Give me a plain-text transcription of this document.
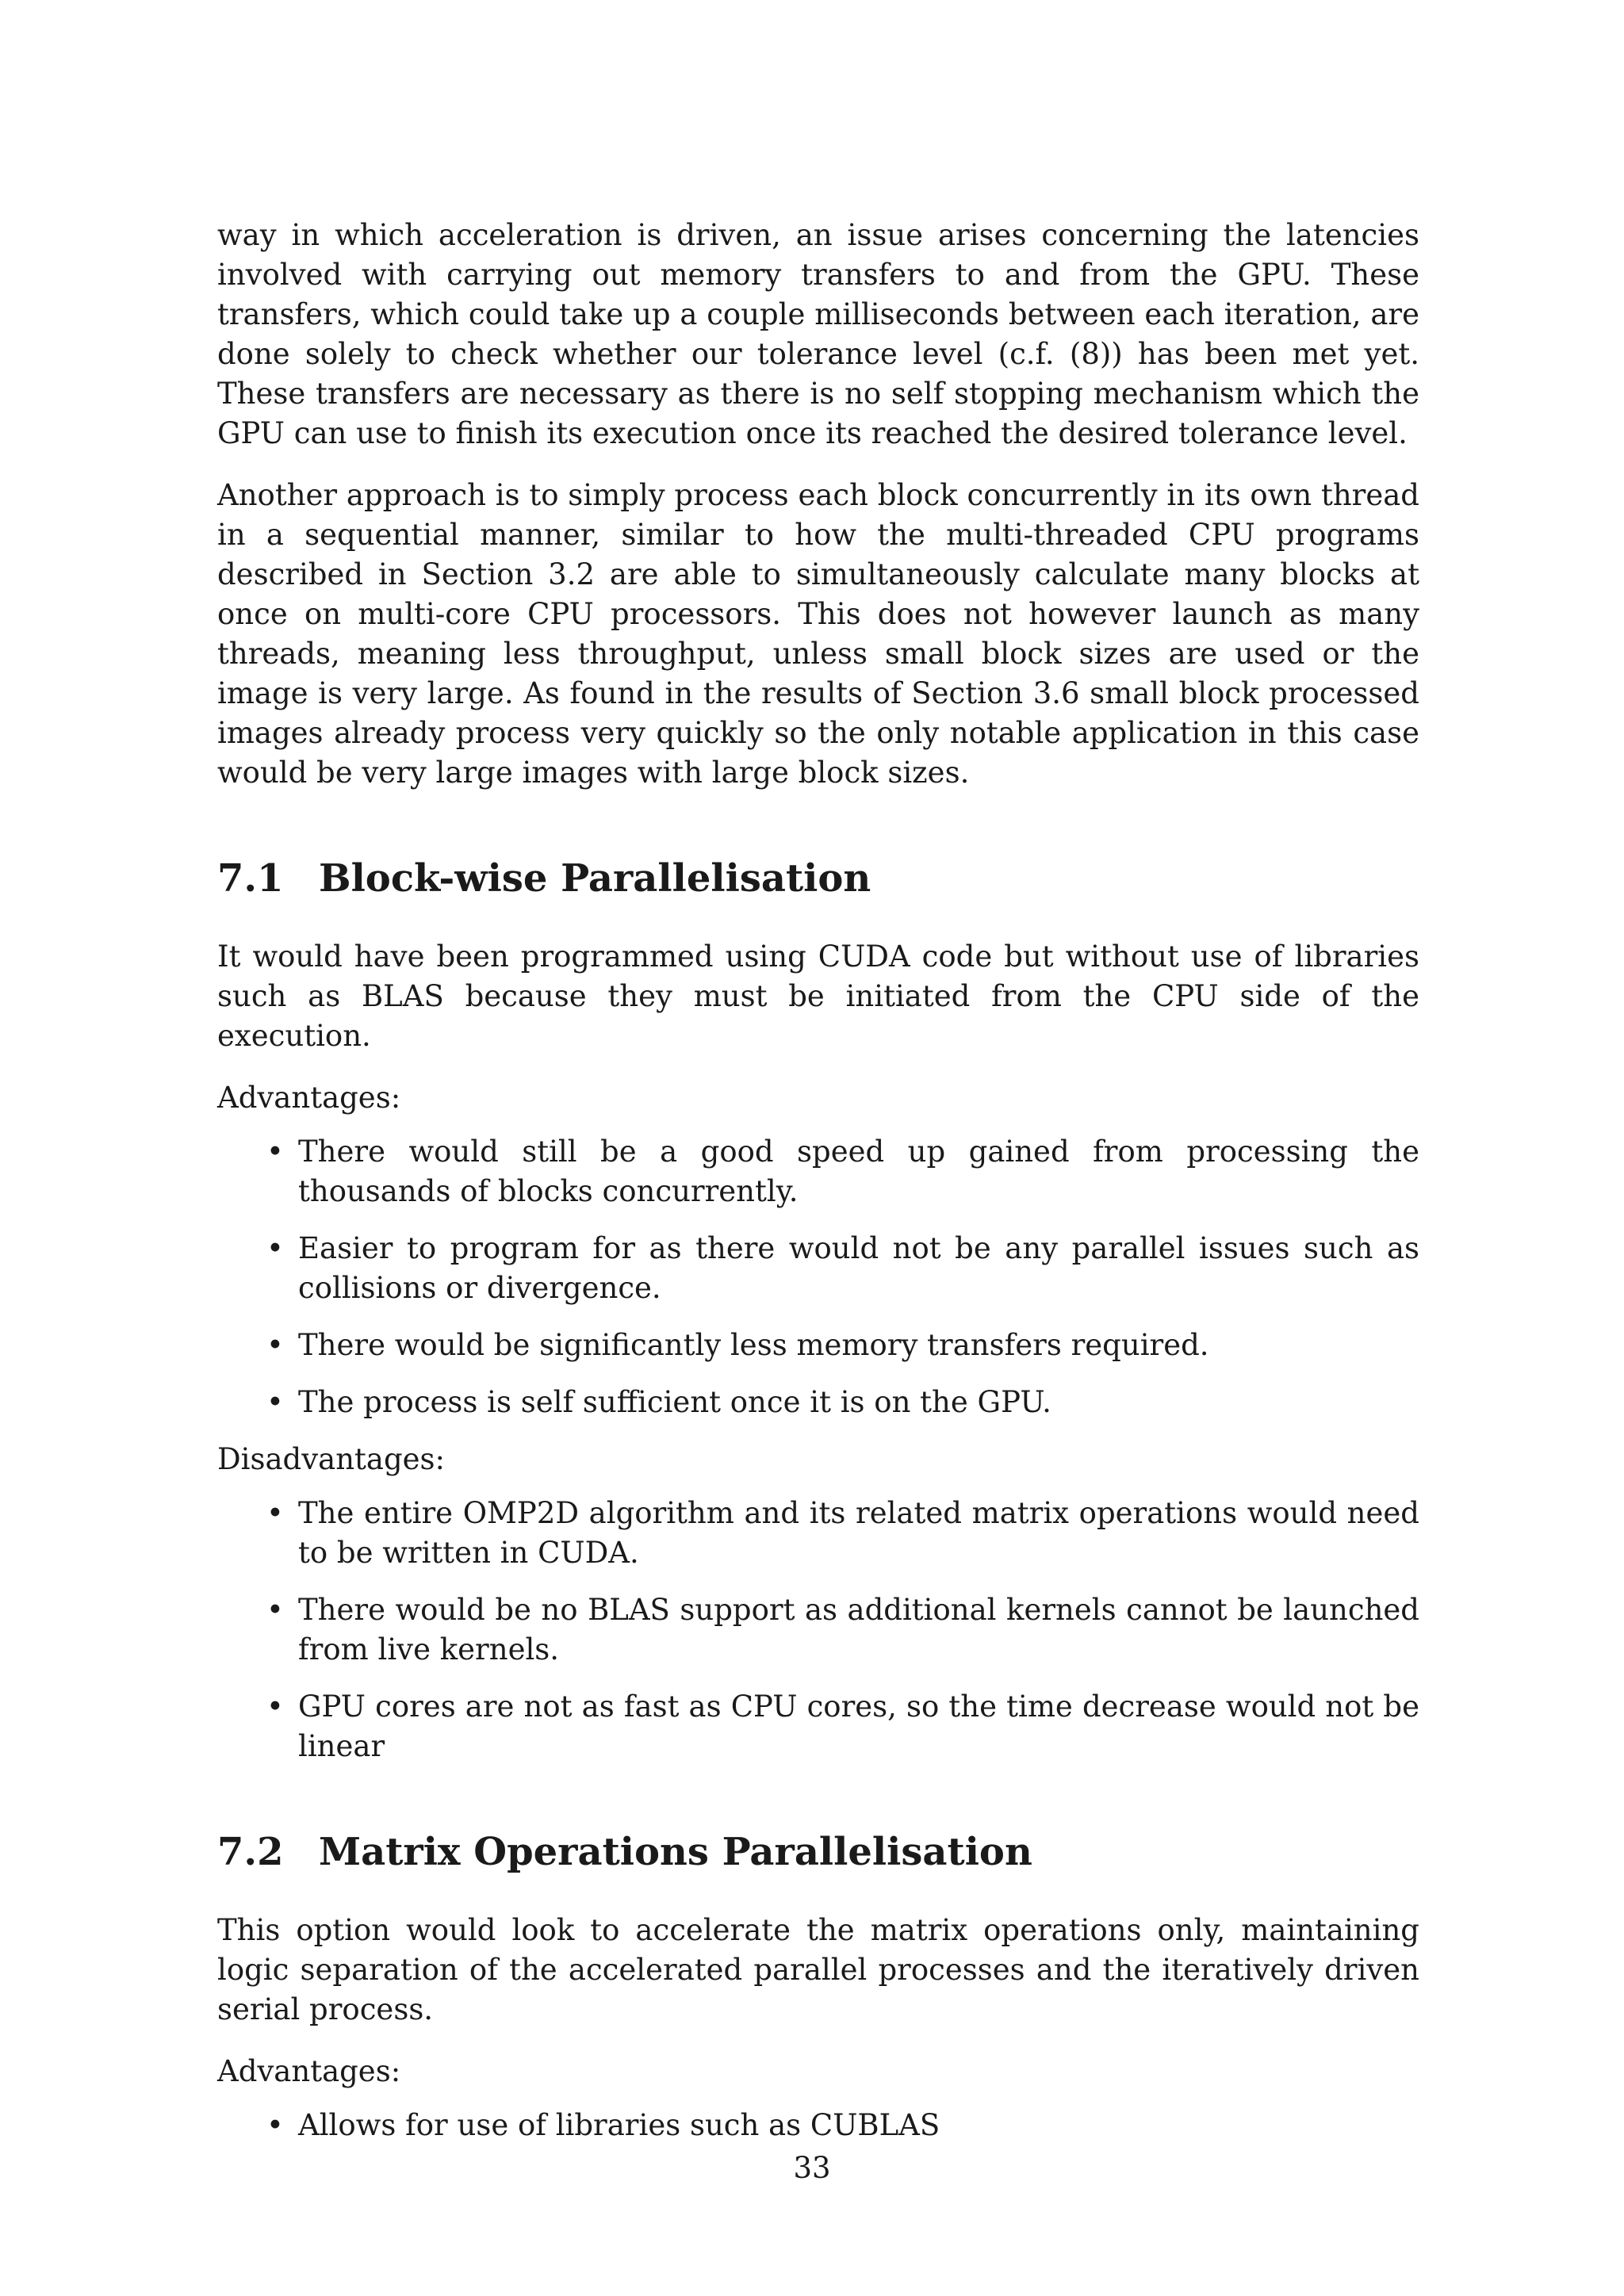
way in which acceleration is driven, an issue arises concerning the latencies involved with carrying out memory transfers to and from the GPU. These transfers, which could take up a couple milliseconds between each iteration, are done solely to check whether our tolerance level (c.f. (8)) has been met yet. These transfers are necessary as there is no self stopping mechanism which the GPU can use to finish its execution once its reached the desired tolerance level.

Another approach is to simply process each block concurrently in its own thread in a sequential manner, similar to how the multi-threaded CPU programs described in Section 3.2 are able to simultaneously calculate many blocks at once on multi-core CPU processors. This does not however launch as many threads, meaning less throughput, unless small block sizes are used or the image is very large. As found in the results of Section 3.6 small block processed images already process very quickly so the only notable application in this case would be very large images with large block sizes.

7.1 Block-wise Parallelisation

It would have been programmed using CUDA code but without use of libraries such as BLAS because they must be initiated from the CPU side of the execution.

Advantages:

• There would still be a good speed up gained from processing the thousands of blocks concurrently.
• Easier to program for as there would not be any parallel issues such as collisions or divergence.
• There would be significantly less memory transfers required.
• The process is self sufficient once it is on the GPU.

Disadvantages:

• The entire OMP2D algorithm and its related matrix operations would need to be written in CUDA.
• There would be no BLAS support as additional kernels cannot be launched from live kernels.
• GPU cores are not as fast as CPU cores, so the time decrease would not be linear
7.2 Matrix Operations Parallelisation

This option would look to accelerate the matrix operations only, maintaining logic separation of the accelerated parallel processes and the iteratively driven serial process.

Advantages:

• Allows for use of libraries such as CUBLAS
33
